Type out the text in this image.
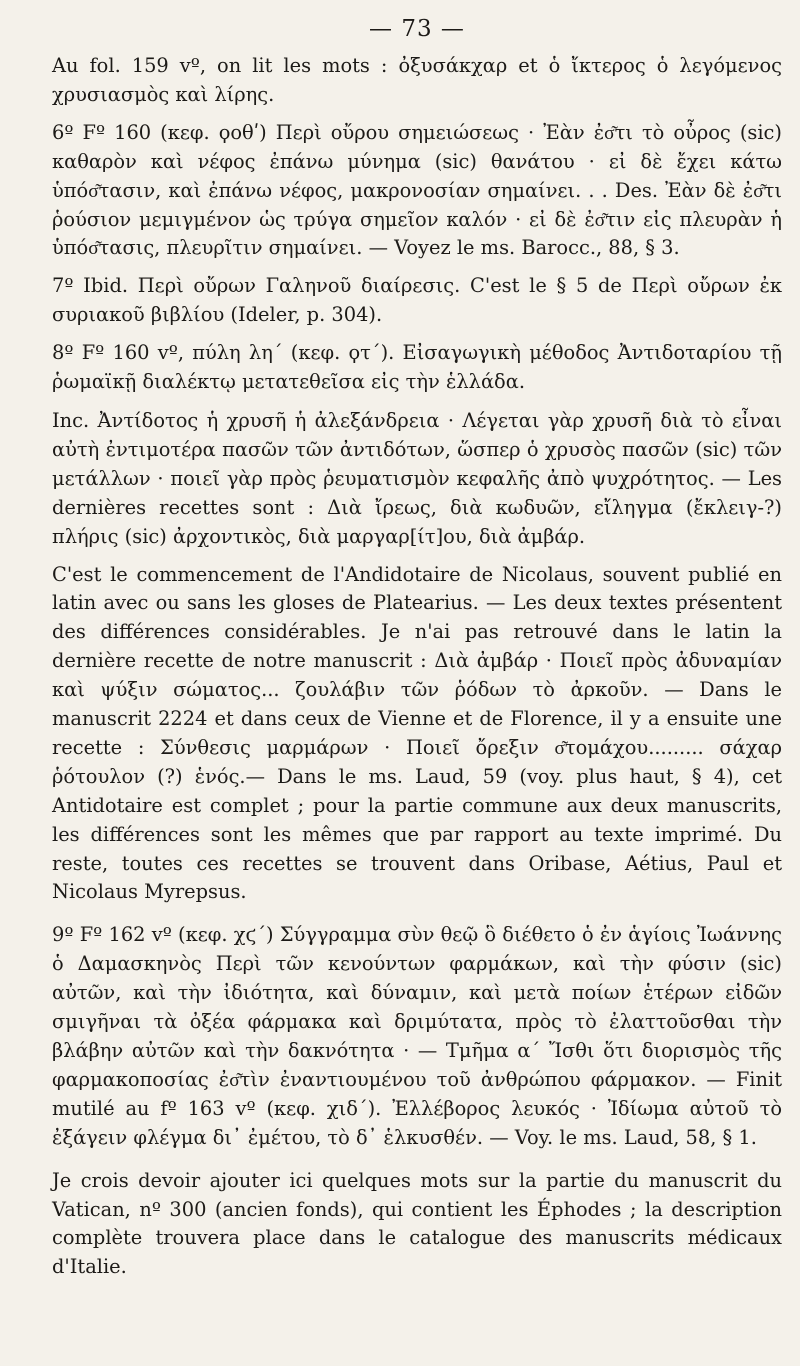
— 73 —

Au fol. 159 vº, on lit les mots : ὀξυσάκχαρ et ὁ ἴκτερος ὁ λεγόμενος χρυσιασμὸς καὶ λίρης.

6º Fº 160 (κεφ. ϙοθʹ) Περὶ οὔρου σημειώσεως · Ἐὰν ἐσ͂τι τὸ οὖρος (sic) καθαρὸν καὶ νέφος ἐπάνω μύνημα (sic) θανάτου · εἰ δὲ ἔχει κάτω ὑπόσ͂τασιν, καὶ ἐπάνω νέφος, μακρονοσίαν σημαίνει. . . Des. Ἐὰν δὲ ἐσ͂τι ῥούσιον μεμιγμένον ὡς τρύγα σημεῖον καλόν · εἰ δὲ ἐσ͂τιν εἰς πλευρὰν ἡ ὑπόσ͂τασις, πλευρῖτιν σημαίνει. — Voyez le ms. Barocc., 88, § 3.

7º Ibid. Περὶ οὔρων Γαληνοῦ διαίρεσις. C'est le § 5 de Περὶ οὔρων ἐκ συριακοῦ βιβλίου (Ideler, p. 304).

8º Fº 160 vº, πύλη λη΄ (κεφ. ϙτ΄). Εἰσαγωγικὴ μέθοδος Ἀντιδοταρίου τῇ ῥωμαϊκῇ διαλέκτῳ μετατεθεῖσα εἰς τὴν ἑλλάδα.

Inc. Ἀντίδοτος ἡ χρυσῆ ἡ ἀλεξάνδρεια · Λέγεται γὰρ χρυσῆ διὰ τὸ εἶναι αὐτὴ ἐντιμοτέρα πασῶν τῶν ἀντιδότων, ὥσπερ ὁ χρυσὸς πασῶν (sic) τῶν μετάλλων · ποιεῖ γὰρ πρὸς ῥευματισμὸν κεφαλῆς ἀπὸ ψυχρότητος. — Les dernières recettes sont : Διὰ ἴρεως, διὰ κωδυῶν, εἴληγμα (ἔκλειγ-?) πλήρις (sic) ἀρχοντικὸς, διὰ μαργαρ[ίτ]ου, διὰ ἀμβάρ.

C'est le commencement de l'Andidotaire de Nicolaus, souvent publié en latin avec ou sans les gloses de Platearius. — Les deux textes présentent des différences considérables. Je n'ai pas retrouvé dans le latin la dernière recette de notre manuscrit : Διὰ ἀμβάρ · Ποιεῖ πρὸς ἀδυναμίαν καὶ ψύξιν σώματος... ζουλάβιν τῶν ῥόδων τὸ ἀρκοῦν. — Dans le manuscrit 2224 et dans ceux de Vienne et de Florence, il y a ensuite une recette : Σύνθεσις μαρμάρων · Ποιεῖ ὄρεξιν σ͂τομάχου......... σάχαρ ῥότουλον (?) ἑνός.— Dans le ms. Laud, 59 (voy. plus haut, § 4), cet Antidotaire est complet ; pour la partie commune aux deux manuscrits, les différences sont les mêmes que par rapport au texte imprimé. Du reste, toutes ces recettes se trouvent dans Oribase, Aétius, Paul et Nicolaus Myrepsus.

9º Fº 162 vº (κεφ. χϛ΄) Σύγγραμμα σὺν θεῷ ὃ διέθετο ὁ ἐν ἁγίοις Ἰωάννης ὁ Δαμασκηνὸς Περὶ τῶν κενούντων φαρμάκων, καὶ τὴν φύσιν (sic) αὐτῶν, καὶ τὴν ἰδιότητα, καὶ δύναμιν, καὶ μετὰ ποίων ἑτέρων εἰδῶν σμιγῆναι τὰ ὀξέα φάρμακα καὶ δριμύτατα, πρὸς τὸ ἐλαττοῦσθαι τὴν βλάβην αὐτῶν καὶ τὴν δακνότητα · — Τμῆμα α΄ Ἴσθι ὅτι διορισμὸς τῆς φαρμακοποσίας ἐσ͂τὶν ἐναντιουμένου τοῦ ἀνθρώπου φάρμακον. — Finit mutilé au fº 163 vº (κεφ. χιδ΄). Ἐλλέβορος λευκός · Ἰδίωμα αὐτοῦ τὸ ἐξάγειν φλέγμα δι᾽ ἐμέτου, τὸ δ᾽ ἑλκυσθέν. — Voy. le ms. Laud, 58, § 1.

Je crois devoir ajouter ici quelques mots sur la partie du manuscrit du Vatican, nº 300 (ancien fonds), qui contient les Éphodes ; la description complète trouvera place dans le catalogue des manuscrits médicaux d'Italie.
